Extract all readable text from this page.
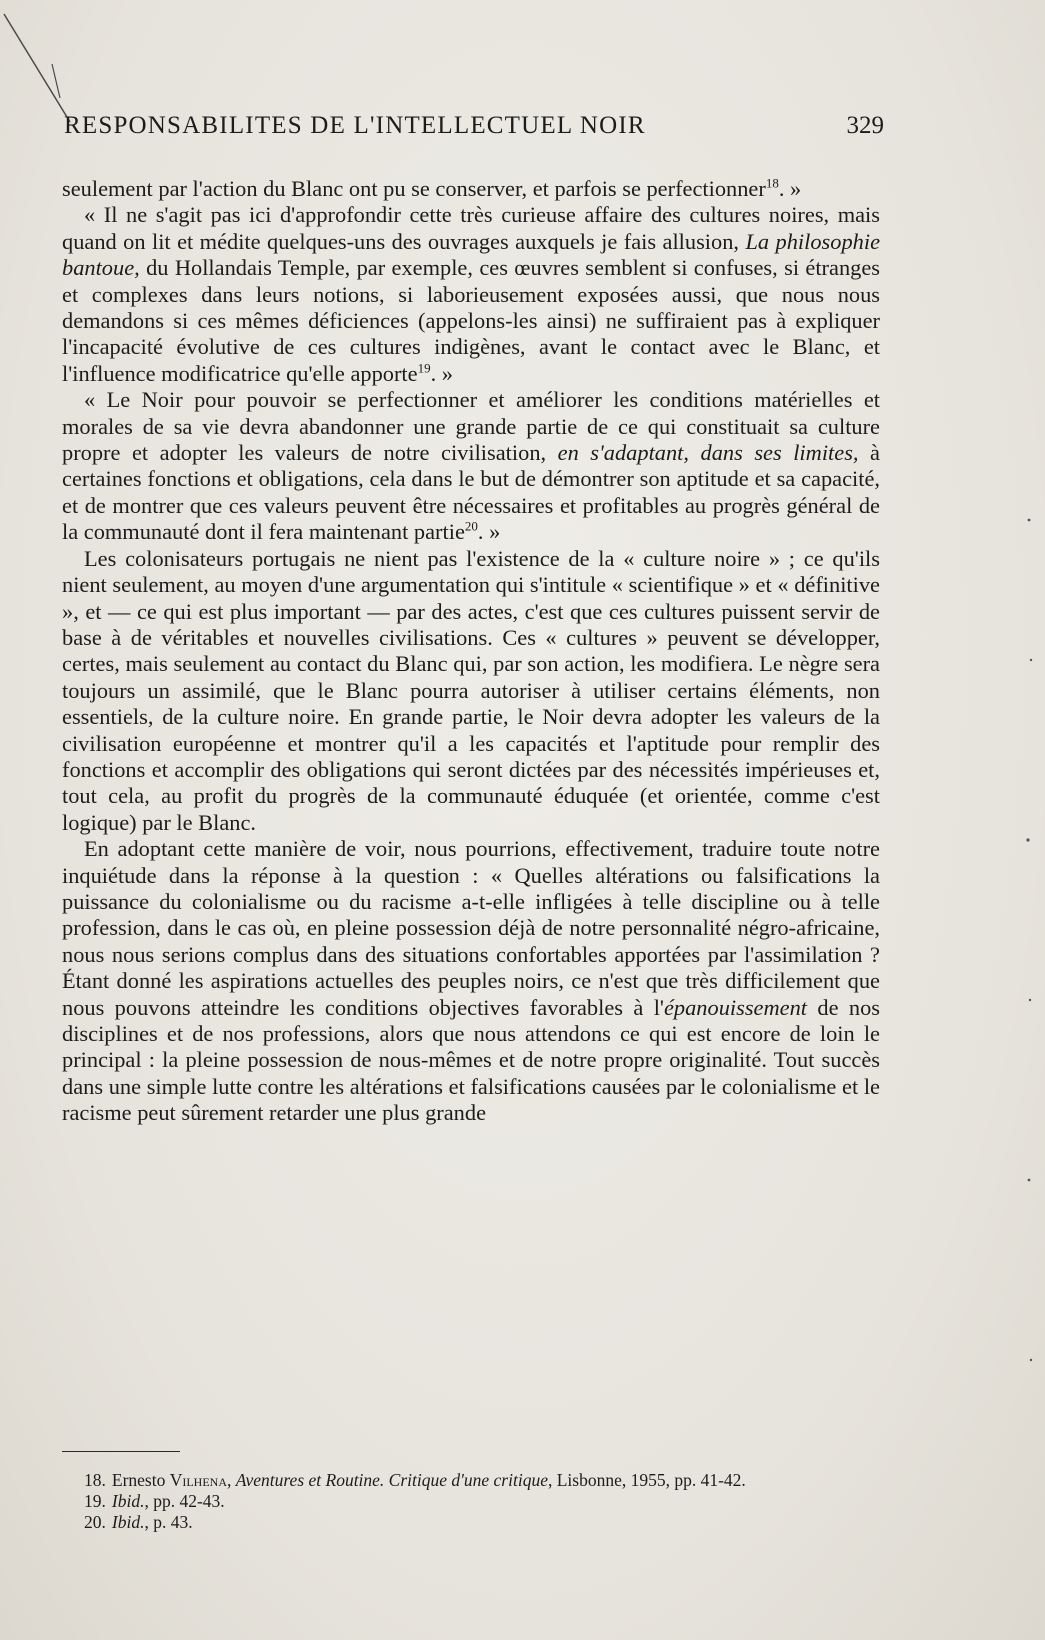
RESPONSABILITES DE L'INTELLECTUEL NOIR	329

seulement par l'action du Blanc ont pu se conserver, et parfois se perfectionner$^{18}$. »

« Il ne s'agit pas ici d'approfondir cette très curieuse affaire des cultures noires, mais quand on lit et médite quelques-uns des ouvrages auxquels je fais allusion, La philosophie bantoue, du Hollandais Temple, par exemple, ces œuvres semblent si confuses, si étranges et complexes dans leurs notions, si laborieusement exposées aussi, que nous nous demandons si ces mêmes déficiences (appelons-les ainsi) ne suffiraient pas à expliquer l'incapacité évolutive de ces cultures indigènes, avant le contact avec le Blanc, et l'influence modificatrice qu'elle apporte$^{19}$. »

« Le Noir pour pouvoir se perfectionner et améliorer les conditions matérielles et morales de sa vie devra abandonner une grande partie de ce qui constituait sa culture propre et adopter les valeurs de notre civilisation, en s'adaptant, dans ses limites, à certaines fonctions et obligations, cela dans le but de démontrer son aptitude et sa capacité, et de montrer que ces valeurs peuvent être nécessaires et profitables au progrès général de la communauté dont il fera maintenant partie$^{20}$. »

Les colonisateurs portugais ne nient pas l'existence de la « culture noire » ; ce qu'ils nient seulement, au moyen d'une argumentation qui s'intitule « scientifique » et « définitive », et — ce qui est plus important — par des actes, c'est que ces cultures puissent servir de base à de véritables et nouvelles civilisations. Ces « cultures » peuvent se développer, certes, mais seulement au contact du Blanc qui, par son action, les modifiera. Le nègre sera toujours un assimilé, que le Blanc pourra autoriser à utiliser certains éléments, non essentiels, de la culture noire. En grande partie, le Noir devra adopter les valeurs de la civilisation européenne et montrer qu'il a les capacités et l'aptitude pour remplir des fonctions et accomplir des obligations qui seront dictées par des nécessités impérieuses et, tout cela, au profit du progrès de la communauté éduquée (et orientée, comme c'est logique) par le Blanc.

En adoptant cette manière de voir, nous pourrions, effectivement, traduire toute notre inquiétude dans la réponse à la question : « Quelles altérations ou falsifications la puissance du colonialisme ou du racisme a-t-elle infligées à telle discipline ou à telle profession, dans le cas où, en pleine possession déjà de notre personnalité négro-africaine, nous nous serions complus dans des situations confortables apportées par l'assimilation ? Étant donné les aspirations actuelles des peuples noirs, ce n'est que très difficilement que nous pouvons atteindre les conditions objectives favorables à l'épanouissement de nos disciplines et de nos professions, alors que nous attendons ce qui est encore de loin le principal : la pleine possession de nous-mêmes et de notre propre originalité. Tout succès dans une simple lutte contre les altérations et falsifications causées par le colonialisme et le racisme peut sûrement retarder une plus grande

18. Ernesto Vilhena, Aventures et Routine. Critique d'une critique, Lisbonne, 1955, pp. 41-42.

19. Ibid., pp. 42-43.

20. Ibid., p. 43.
